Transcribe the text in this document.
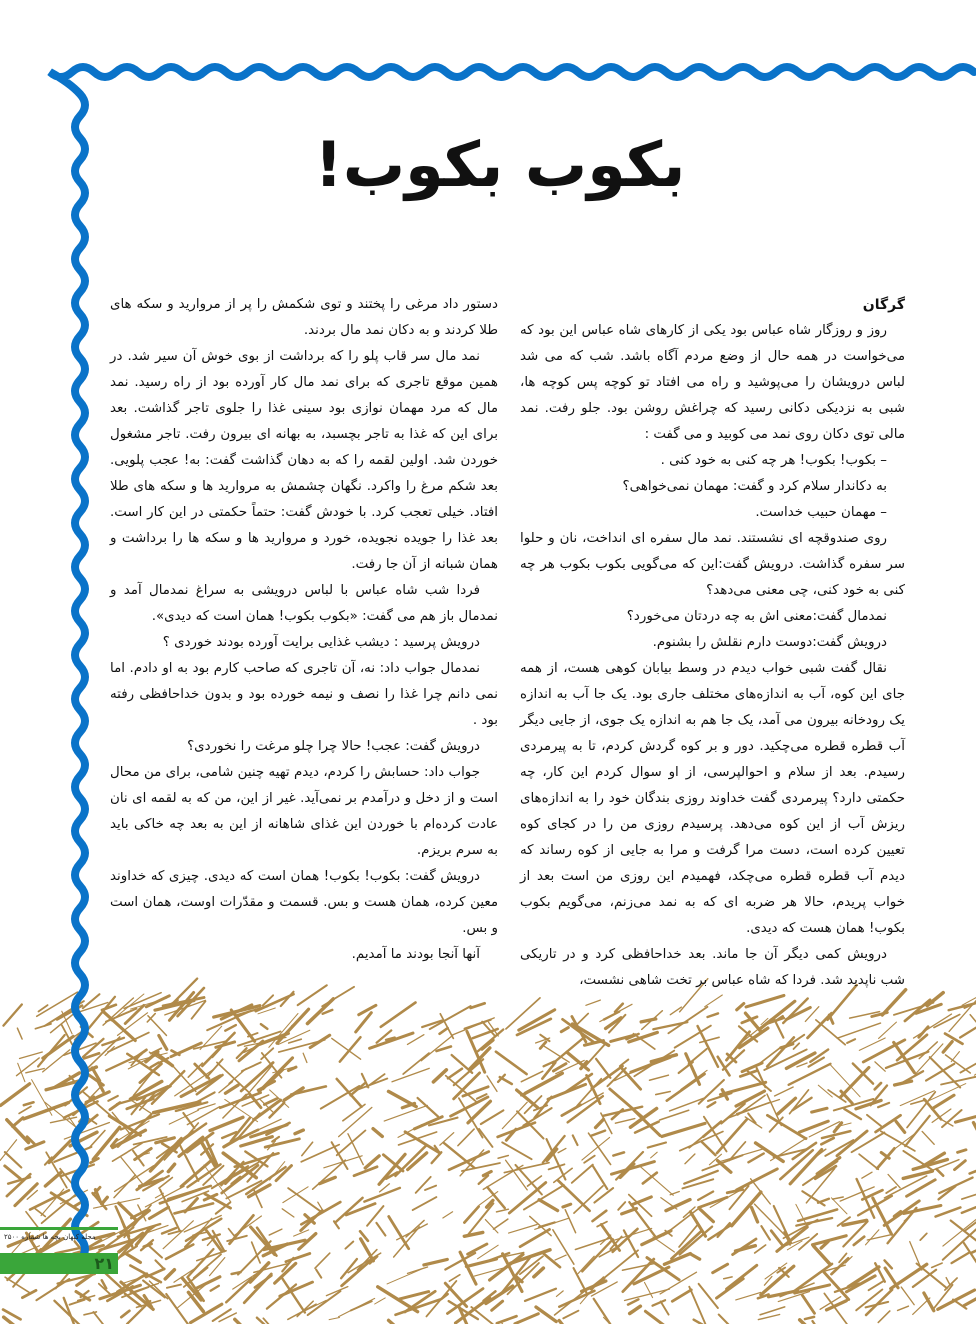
بکوب بکوب!

گرگان

روز و روزگار شاه عباس بود یکی از کارهای شاه عباس این بود که می‌خواست در همه حال از وضع مردم آگاه باشد. شب که می شد لباس درویشان را می‌پوشید و راه می افتاد تو کوچه پس کوچه ها، شبی به نزدیکی دکانی رسید که چراغش روشن بود. جلو رفت. نمد مالی توی دکان روی نمد می کوبید و می گفت :

– بکوب! بکوب! هر چه کنی به خود کنی .

به دکاندار سلام کرد و گفت: مهمان نمی‌خواهی؟

– مهمان حبیب خداست.

روی صندوقچه ای نشستند. نمد مال سفره ای انداخت، نان و حلوا سر سفره گذاشت. درویش گفت:این که می‌گویی بکوب بکوب هر چه کنی به خود کنی، چی معنی می‌دهد؟

نمدمال گفت:معنی اش به چه دردتان می‌خورد؟

درویش گفت:دوست دارم نقلش را بشنوم.

نقال گفت شبی خواب دیدم در وسط بیابان کوهی هست، از همه جای این کوه، آب به اندازه‌های مختلف جاری بود. یک جا آب به اندازه یک رودخانه بیرون می آمد، یک جا هم به اندازه یک جوی، از جایی دیگر آب قطره قطره می‌چکید. دور و بر کوه گردش کردم، تا به پیرمردی رسیدم. بعد از سلام و احوالپرسی، از او سوال کردم این کار، چه حکمتی دارد؟ پیرمردی گفت خداوند روزی بندگان خود را به اندازه‌های ریزش آب از این کوه می‌دهد. پرسیدم روزی من را در کجای کوه تعیین کرده است، دست مرا گرفت و مرا به جایی از کوه رساند که دیدم آب قطره قطره می‌چکد، فهمیدم این روزی من است بعد از خواب پریدم، حالا هر ضربه ای که به نمد می‌زنم، می‌گویم بکوب بکوب! همان هست که دیدی.

درویش کمی دیگر آن جا ماند. بعد خداحافظی کرد و در تاریکی شب ناپدید شد. فردا که شاه عباس بر تخت شاهی نشست،

دستور داد مرغی را پختند و توی شکمش را پر از مروارید و سکه های طلا کردند و به دکان نمد مال بردند.

نمد مال سر قاب پلو را که برداشت از بوی خوش آن سیر شد. در همین موقع تاجری که برای نمد مال کار آورده بود از راه رسید. نمد مال که مرد مهمان نوازی بود سینی غذا را جلوی تاجر گذاشت. بعد برای این که غذا به تاجر بچسبد، به بهانه ای بیرون رفت. تاجر مشغول خوردن شد. اولین لقمه را که به دهان گذاشت گفت: به! عجب پلویی. بعد شکم مرغ را واکرد. نگهان چشمش به مروارید ها و سکه های طلا افتاد. خیلی تعجب کرد. با خودش گفت: حتماً حکمتی در این کار است. بعد غذا را جویده نجویده، خورد و مروارید ها و سکه ها را برداشت و همان شبانه از آن جا رفت.

فردا شب شاه عباس با لباس درویشی به سراغ نمدمال آمد و نمدمال باز هم می گفت: «بکوب بکوب! همان است که دیدی».

درویش پرسید : دیشب غذایی برایت آورده بودند خوردی ؟

نمدمال جواب داد: نه، آن تاجری که صاحب کارم بود به او دادم. اما نمی دانم چرا غذا را نصف و نیمه خورده بود و بدون خداحافظی رفته بود .

درویش گفت: عجب! حالا چرا چلو مرغت را نخوردی؟

جواب داد: حسابش را کردم، دیدم تهیه چنین شامی، برای من محال است و از دخل و درآمدم بر نمی‌آید. غیر از این، من که به لقمه ای نان عادت کرده‌ام با خوردن این غذای شاهانه از این به بعد چه خاکی باید به سرم بریزم.

درویش گفت: بکوب! بکوب! همان است که دیدی. چیزی که خداوند معین کرده، همان هست و بس. قسمت و مقدّرات اوست، همان است و بس.

آنها آنجا بودند ما آمدیم.

مجله کیهان بچه ها شماره ۲۵۰۰
۲۱
